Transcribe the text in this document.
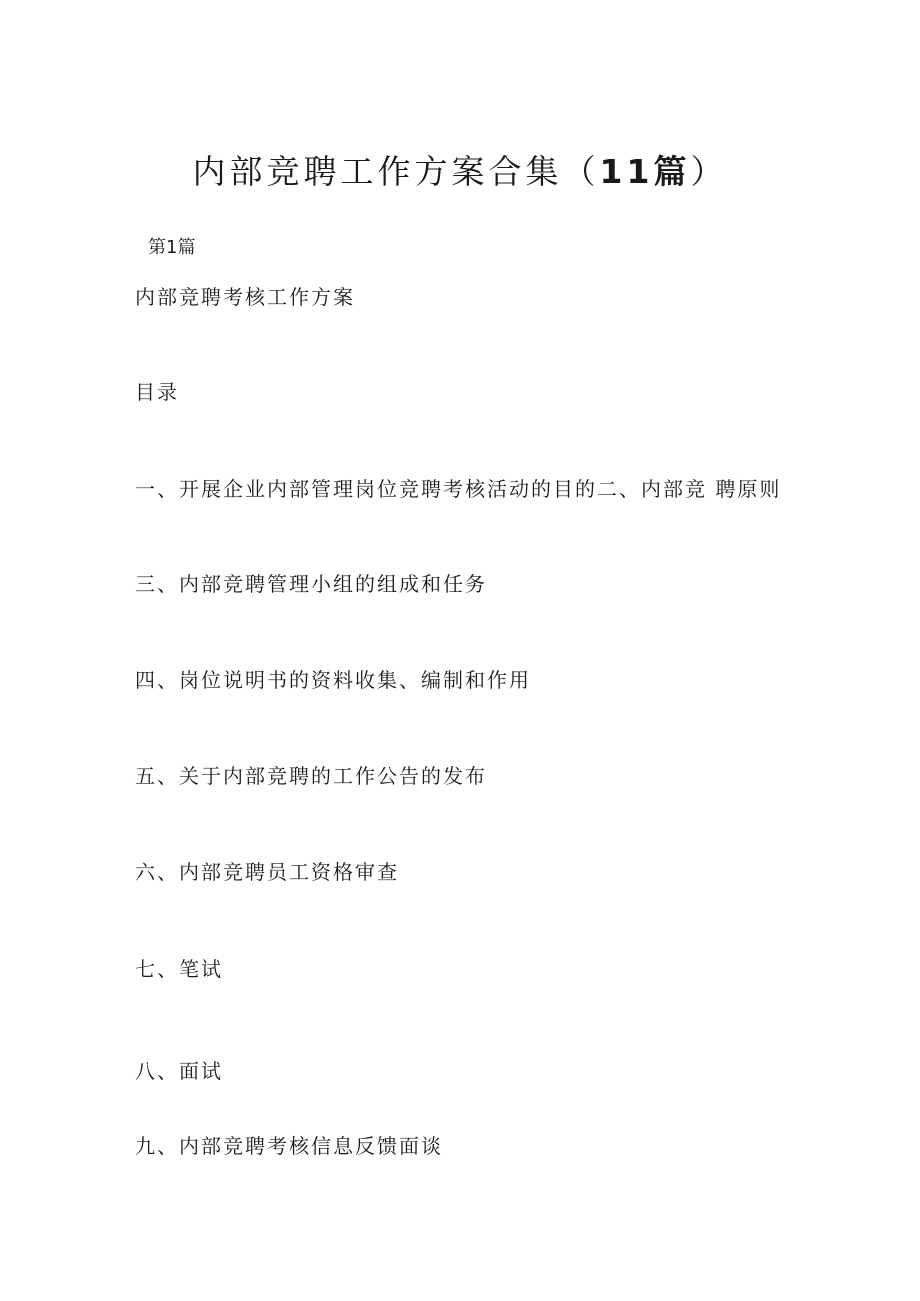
内部竞聘工作方案合集（11篇）
第1篇
内部竞聘考核工作方案
目录
一、开展企业内部管理岗位竞聘考核活动的目的二、内部竞 聘原则
三、内部竞聘管理小组的组成和任务
四、岗位说明书的资料收集、编制和作用
五、关于内部竞聘的工作公告的发布
六、内部竞聘员工资格审查
七、笔试
八、面试
九、内部竞聘考核信息反馈面谈
